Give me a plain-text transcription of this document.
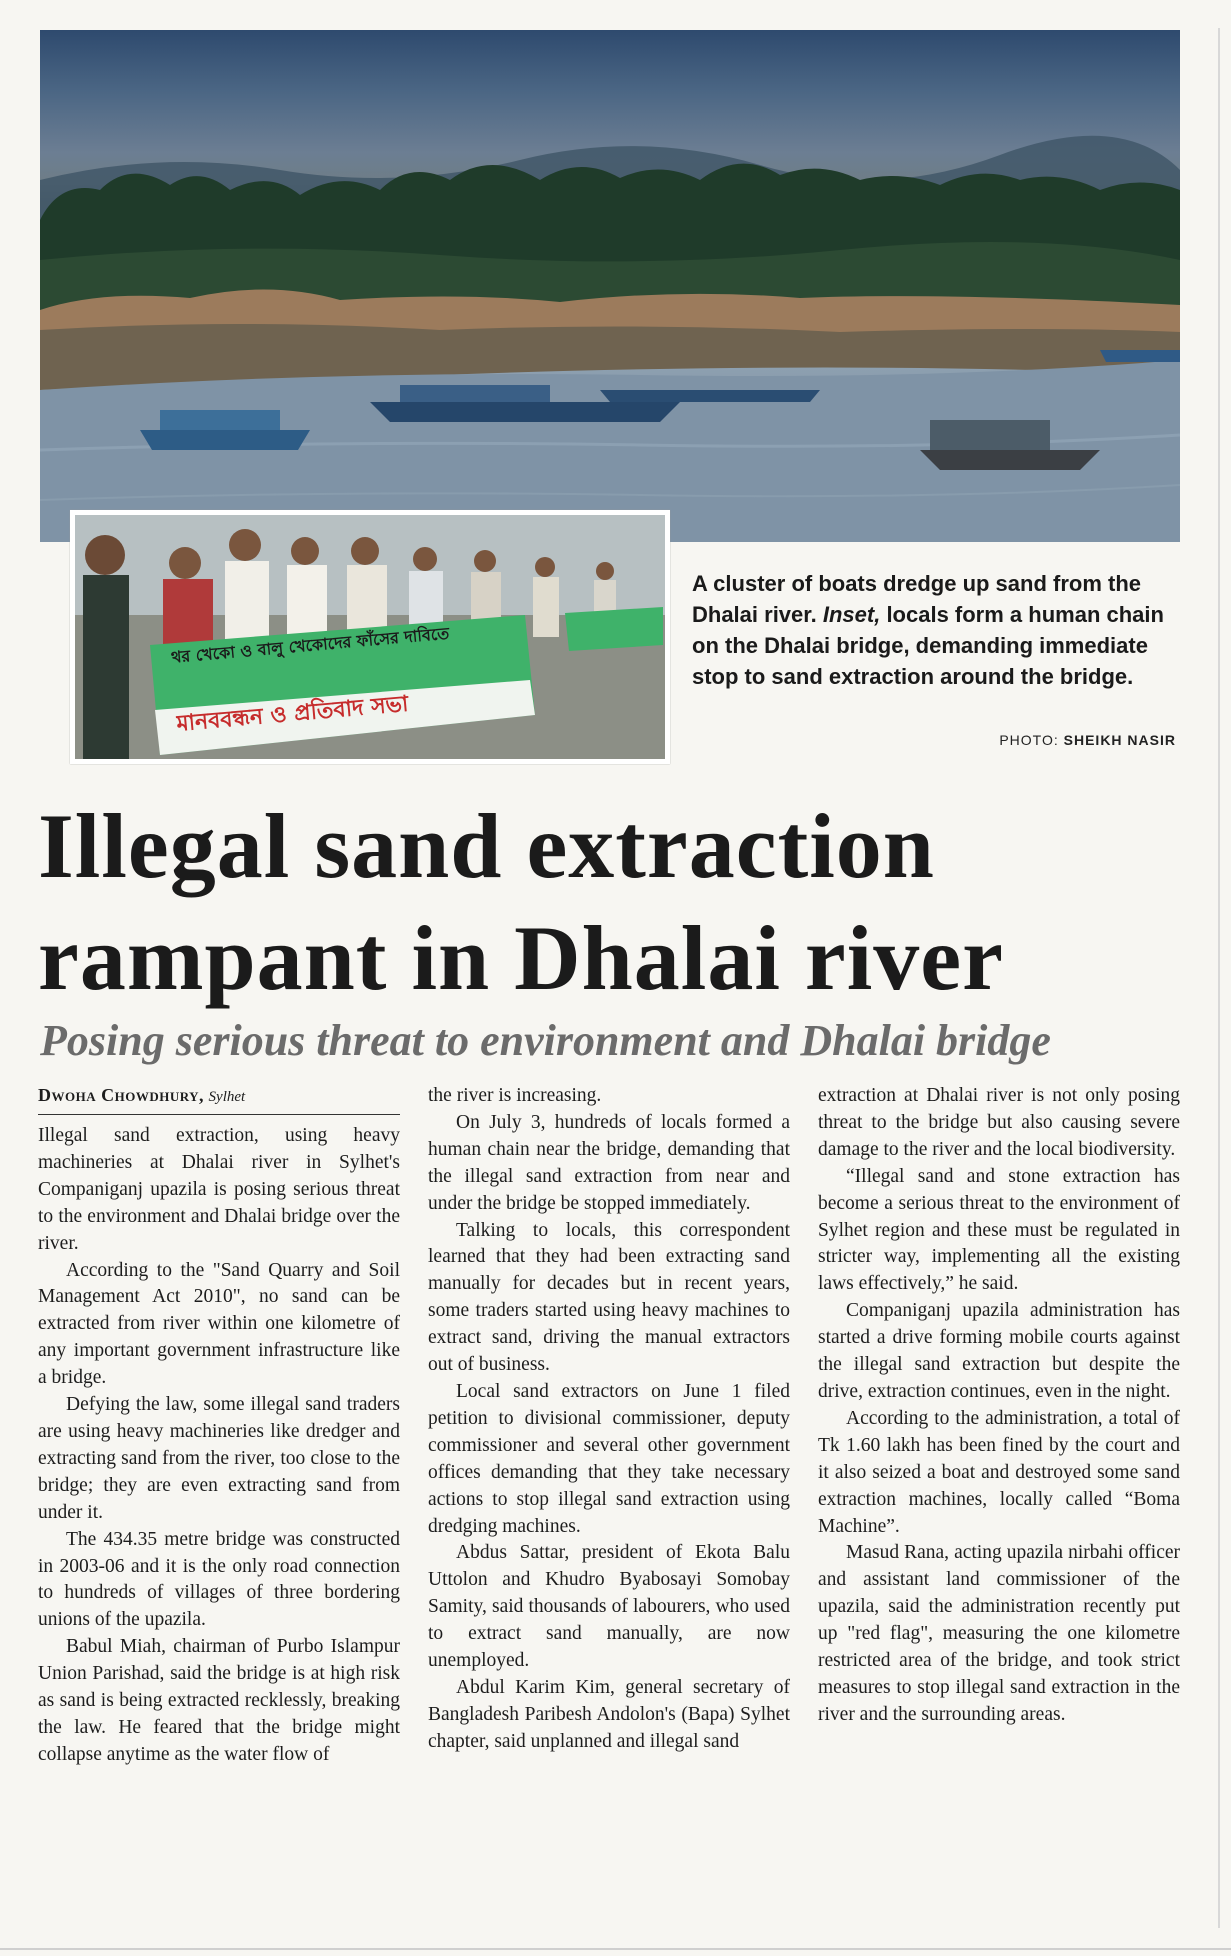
থর খেকো ও বালু খেকোদের ফাঁসের দাবিতে
মানববন্ধন ও প্রতিবাদ সভা
A cluster of boats dredge up sand from the Dhalai river. Inset, locals form a human chain on the Dhalai bridge, demanding immediate stop to sand extraction around the bridge.
PHOTO: SHEIKH NASIR
Illegal sand extraction
rampant in Dhalai river
Posing serious threat to environment and Dhalai bridge
Dwoha Chowdhury, Sylhet

Illegal sand extraction, using heavy machineries at Dhalai river in Sylhet's Companiganj upazila is posing serious threat to the environment and Dhalai bridge over the river.

According to the "Sand Quarry and Soil Management Act 2010", no sand can be extracted from river within one kilometre of any important government infrastructure like a bridge.

Defying the law, some illegal sand traders are using heavy machineries like dredger and extracting sand from the river, too close to the bridge; they are even extracting sand from under it.

The 434.35 metre bridge was constructed in 2003-06 and it is the only road connection to hundreds of villages of three bordering unions of the upazila.

Babul Miah, chairman of Purbo Islampur Union Parishad, said the bridge is at high risk as sand is being extracted recklessly, breaking the law. He feared that the bridge might collapse anytime as the water flow of

the river is increasing.

On July 3, hundreds of locals formed a human chain near the bridge, demanding that the illegal sand extraction from near and under the bridge be stopped immediately.

Talking to locals, this correspondent learned that they had been extracting sand manually for decades but in recent years, some traders started using heavy machines to extract sand, driving the manual extractors out of business.

Local sand extractors on June 1 filed petition to divisional commissioner, deputy commissioner and several other government offices demanding that they take necessary actions to stop illegal sand extraction using dredging machines.

Abdus Sattar, president of Ekota Balu Uttolon and Khudro Byabosayi Somobay Samity, said thousands of labourers, who used to extract sand manually, are now unemployed.

Abdul Karim Kim, general secretary of Bangladesh Paribesh Andolon's (Bapa) Sylhet chapter, said unplanned and illegal sand

extraction at Dhalai river is not only posing threat to the bridge but also causing severe damage to the river and the local biodiversity.

“Illegal sand and stone extraction has become a serious threat to the environment of Sylhet region and these must be regulated in stricter way, implementing all the existing laws effectively,” he said.

Companiganj upazila administration has started a drive forming mobile courts against the illegal sand extraction but despite the drive, extraction continues, even in the night.

According to the administration, a total of Tk 1.60 lakh has been fined by the court and it also seized a boat and destroyed some sand extraction machines, locally called “Boma Machine”.

Masud Rana, acting upazila nirbahi officer and assistant land commissioner of the upazila, said the administration recently put up "red flag", measuring the one kilometre restricted area of the bridge, and took strict measures to stop illegal sand extraction in the river and the surrounding areas.
